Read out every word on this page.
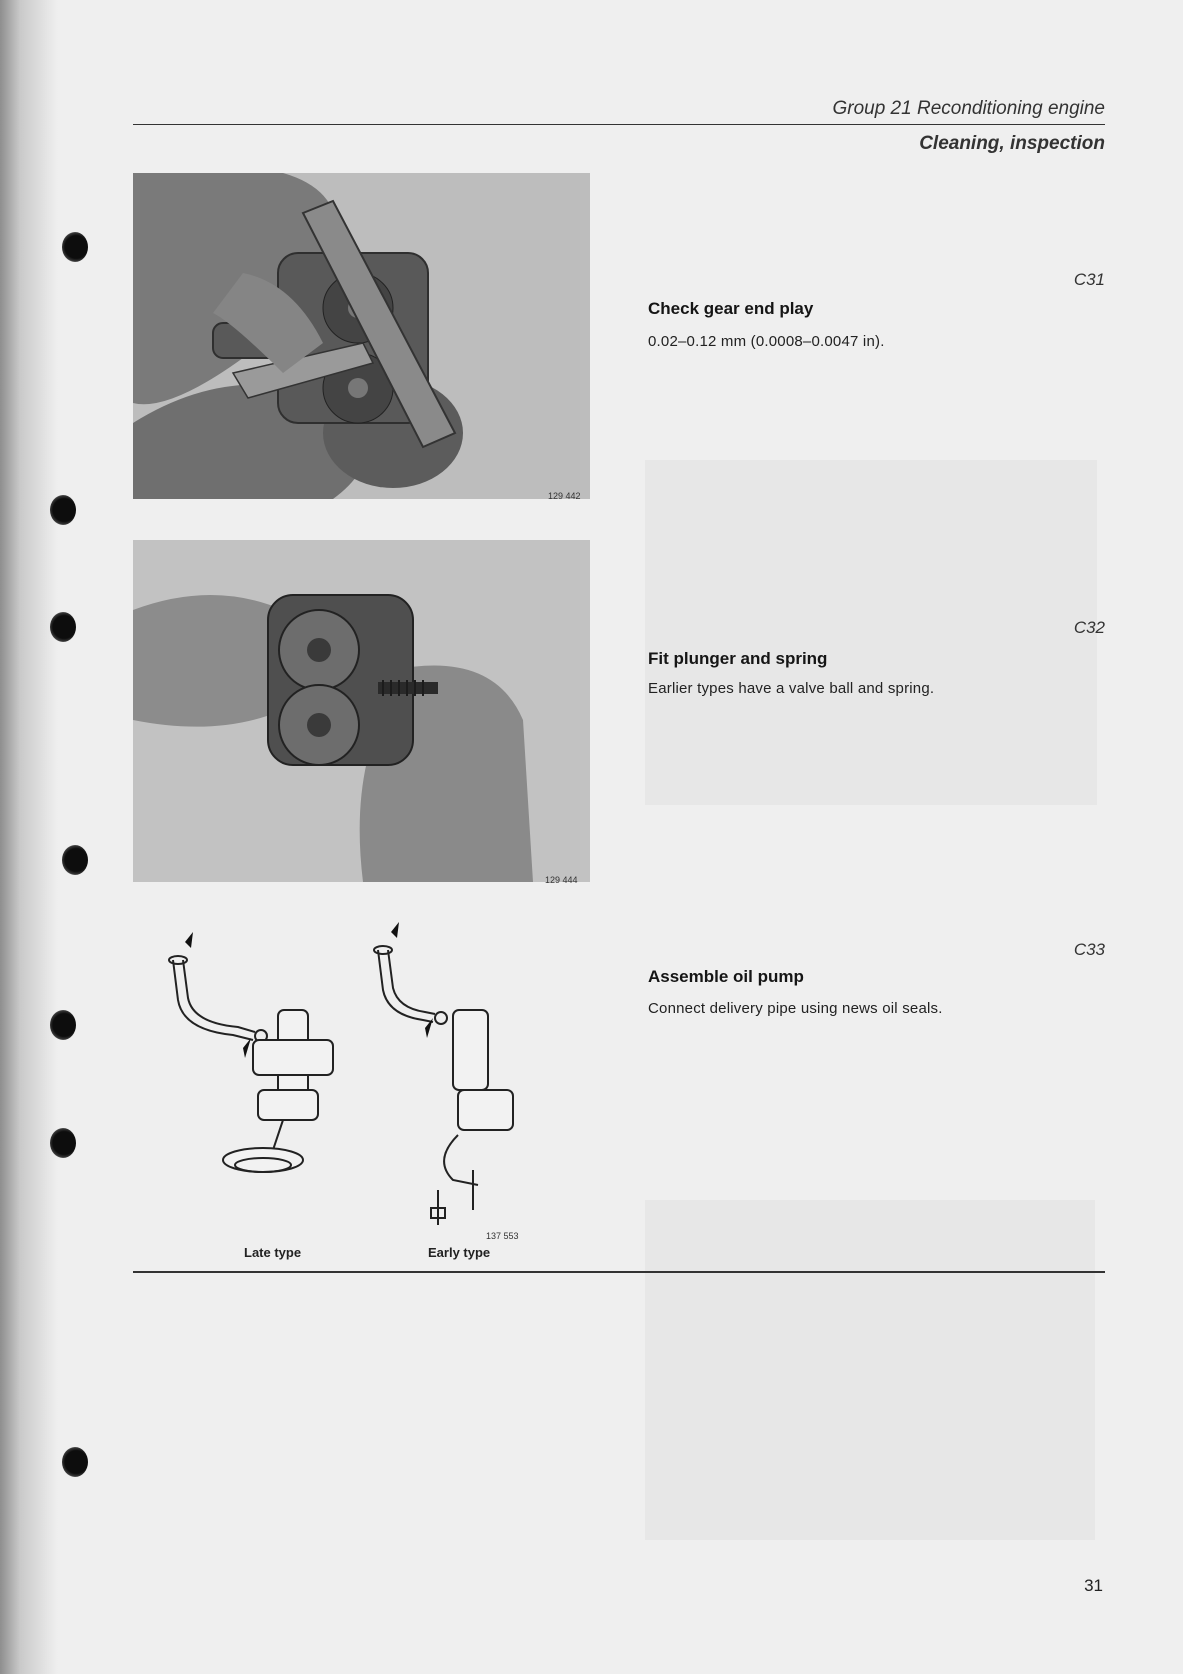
Group 21 Reconditioning engine
Cleaning, inspection
129 442
129 444
137 553
Late type	Early type
C31
Check gear end play

0.02–0.12 mm (0.0008–0.0047 in).

C32
Fit plunger and spring

Earlier types have a valve ball and spring.

C33
Assemble oil pump

Connect delivery pipe using news oil seals.

31
